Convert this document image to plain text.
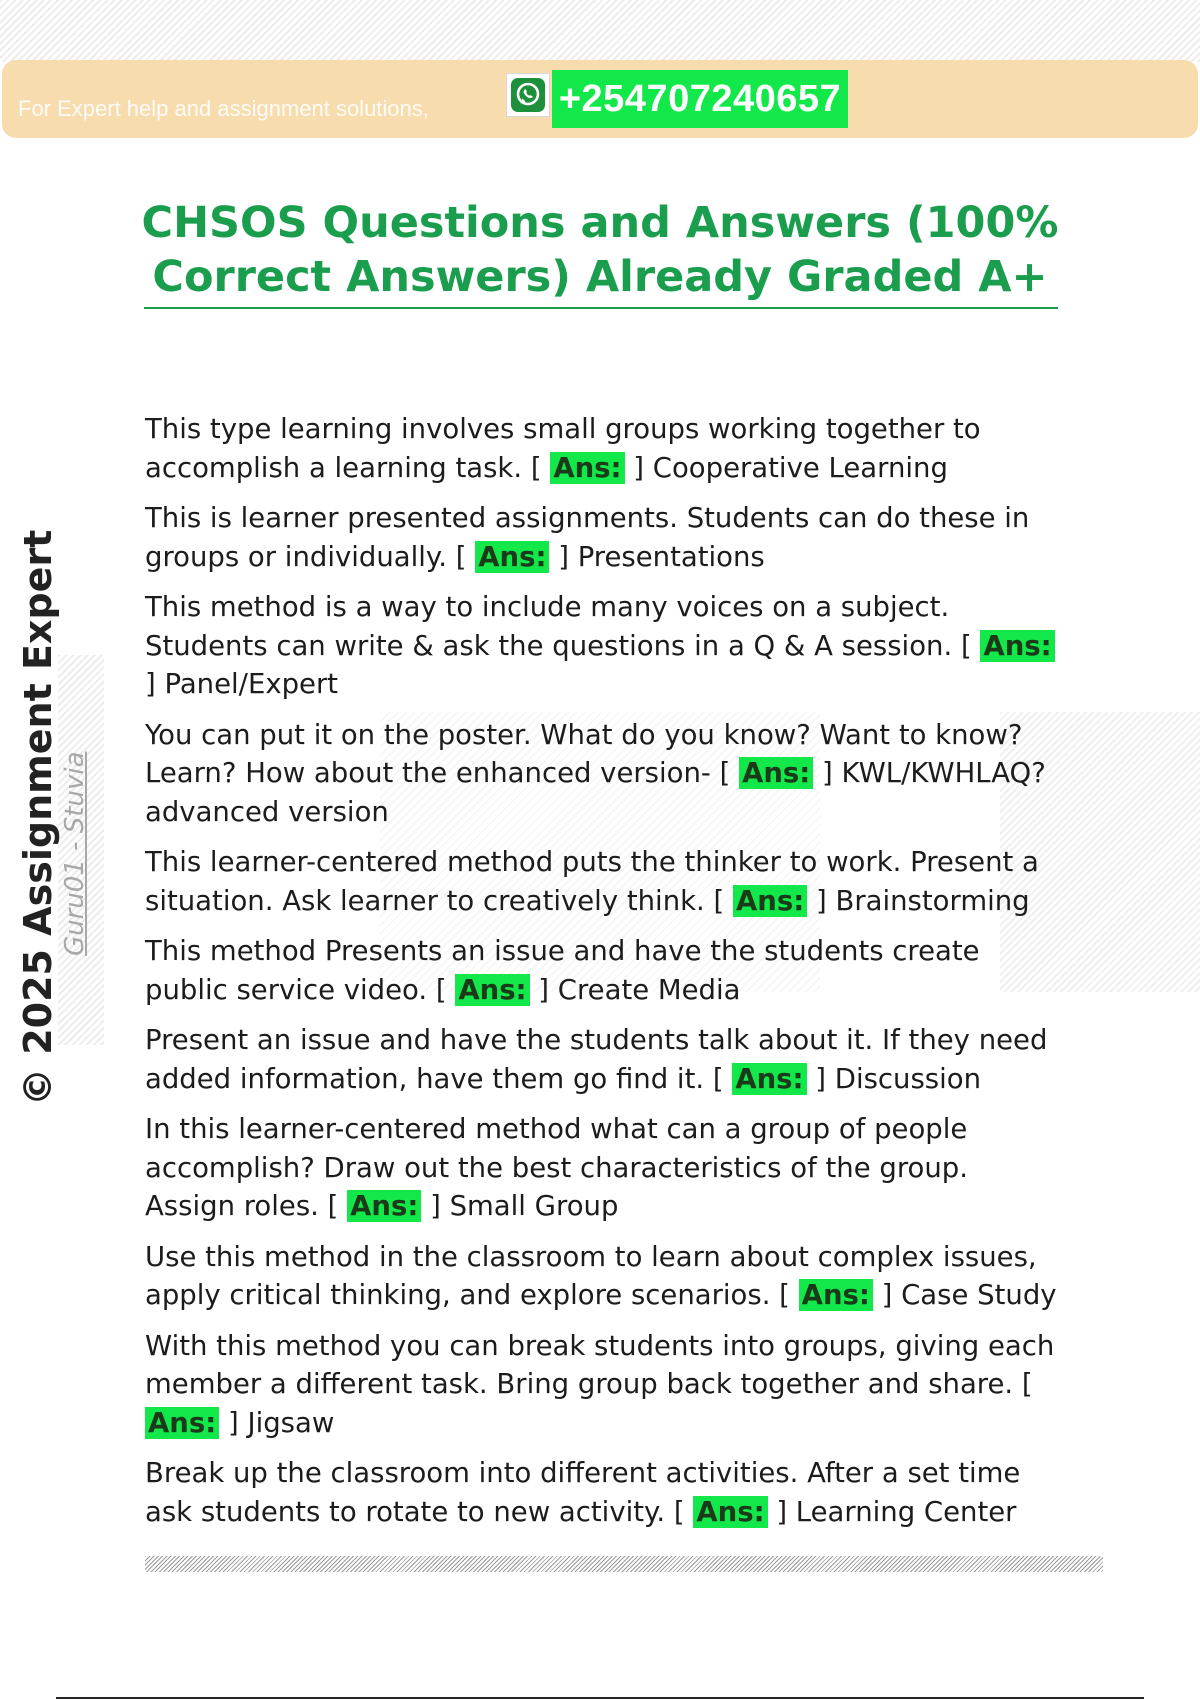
For Expert help and assignment solutions,	+254707240657
CHSOS Questions and Answers (100% Correct Answers) Already Graded A+
© 2025 Assignment Expert Guru01 - Stuvia

This type learning involves small groups working together to accomplish a learning task. [ Ans: ] Cooperative Learning

This is learner presented assignments. Students can do these in groups or individually. [ Ans: ] Presentations

This method is a way to include many voices on a subject. Students can write & ask the questions in a Q & A session. [ Ans: ] Panel/Expert

You can put it on the poster. What do you know? Want to know? Learn? How about the enhanced version- [ Ans: ] KWL/KWHLAQ? advanced version

This learner-centered method puts the thinker to work. Present a situation. Ask learner to creatively think. [ Ans: ] Brainstorming

This method Presents an issue and have the students create public service video. [ Ans: ] Create Media

Present an issue and have the students talk about it. If they need added information, have them go find it. [ Ans: ] Discussion

In this learner-centered method what can a group of people accomplish? Draw out the best characteristics of the group. Assign roles. [ Ans: ] Small Group

Use this method in the classroom to learn about complex issues, apply critical thinking, and explore scenarios. [ Ans: ] Case Study

With this method you can break students into groups, giving each member a different task. Bring group back together and share. [ Ans: ] Jigsaw

Break up the classroom into different activities. After a set time ask students to rotate to new activity. [ Ans: ] Learning Center
